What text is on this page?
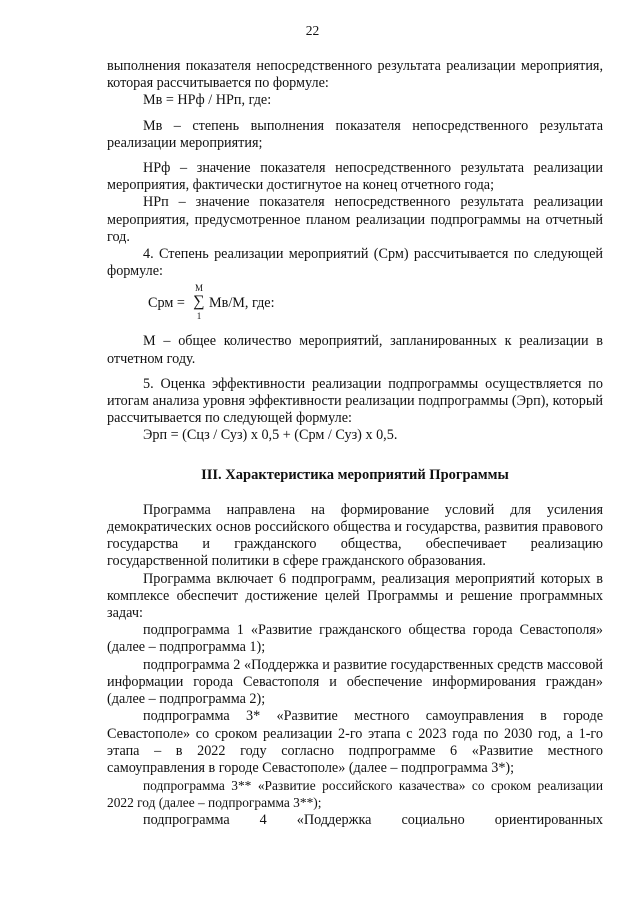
22

выполнения показателя непосредственного результата реализации мероприятия, которая рассчитывается по формуле:

Мв = НРф / НРп, где:

Мв – степень выполнения показателя непосредственного результата реализации мероприятия;

НРф – значение показателя непосредственного результата реализации мероприятия, фактически достигнутое на конец отчетного года;

НРп – значение показателя непосредственного результата реализации мероприятия, предусмотренное планом реализации подпрограммы на отчетный год.

4. Степень реализации мероприятий (Срм) рассчитывается по следующей формуле:

Срм =
М
∑
1
Мв/М, где:

М – общее количество мероприятий, запланированных к реализации в отчетном году.

5. Оценка эффективности реализации подпрограммы осуществляется по итогам анализа уровня эффективности реализации подпрограммы (Эрп), который рассчитывается по следующей формуле:

Эрп = (Сцз / Суз) х 0,5 + (Срм / Суз) х 0,5.

III. Характеристика мероприятий Программы

Программа направлена на формирование условий для усиления демократических основ российского общества и государства, развития правового государства и гражданского общества, обеспечивает реализацию государственной политики в сфере гражданского образования.

Программа включает 6 подпрограмм, реализация мероприятий которых в комплексе обеспечит достижение целей Программы и решение программных задач:

подпрограмма 1 «Развитие гражданского общества города Севастополя» (далее – подпрограмма 1);

подпрограмма 2 «Поддержка и развитие государственных средств массовой информации города Севастополя и обеспечение информирования граждан» (далее – подпрограмма 2);

подпрограмма 3* «Развитие местного самоуправления в городе Севастополе» со сроком реализации 2-го этапа с 2023 года по 2030 год, а 1-го этапа – в 2022 году согласно подпрограмме 6 «Развитие местного самоуправления в городе Севастополе» (далее – подпрограмма 3*);

подпрограмма 3** «Развитие российского казачества» со сроком реализации 2022 год (далее – подпрограмма 3**);

подпрограмма 4 «Поддержка социально ориентированных
